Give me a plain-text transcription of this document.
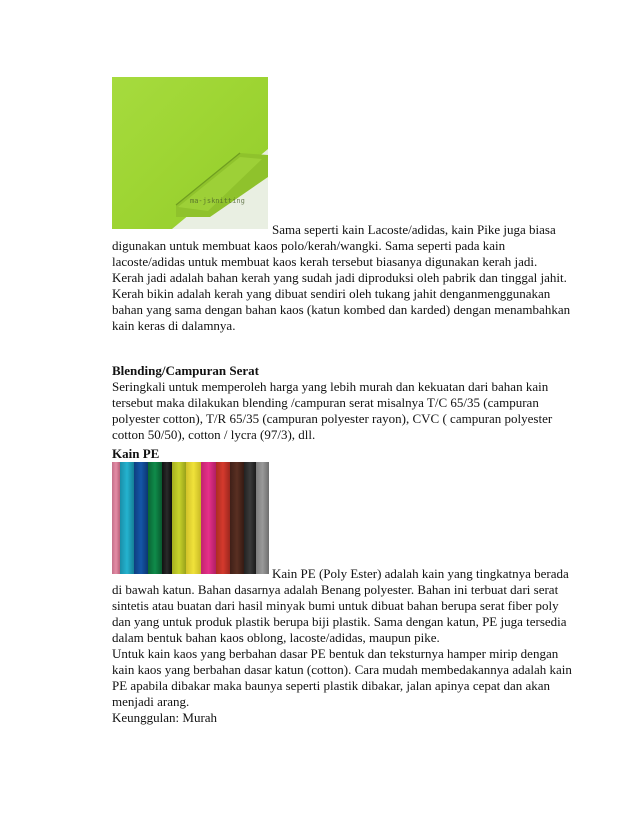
ma-jsknitting
Sama seperti kain Lacoste/adidas, kain Pike juga biasa
digunakan untuk membuat kaos polo/kerah/wangki. Sama seperti pada kain
lacoste/adidas untuk membuat kaos kerah tersebut biasanya digunakan kerah jadi.
Kerah jadi adalah bahan kerah yang sudah jadi diproduksi oleh pabrik dan tinggal jahit.
Kerah bikin adalah kerah yang dibuat sendiri oleh tukang jahit denganmenggunakan
bahan yang sama dengan bahan kaos (katun kombed dan karded) dengan menambahkan
kain keras di dalamnya.
Blending/Campuran Serat
Seringkali untuk memperoleh harga yang lebih murah dan kekuatan dari bahan kain
tersebut maka dilakukan blending /campuran serat misalnya T/C 65/35 (campuran
polyester cotton), T/R 65/35 (campuran polyester rayon), CVC ( campuran polyester
cotton 50/50), cotton / lycra (97/3), dll.
Kain PE
Kain PE (Poly Ester) adalah kain yang tingkatnya berada
di bawah katun. Bahan dasarnya adalah Benang polyester. Bahan ini terbuat dari serat
sintetis atau buatan dari hasil minyak bumi untuk dibuat bahan berupa serat fiber poly
dan yang untuk produk plastik berupa biji plastik. Sama dengan katun, PE juga tersedia
dalam bentuk bahan kaos oblong, lacoste/adidas, maupun pike.
Untuk kain kaos yang berbahan dasar PE bentuk dan teksturnya hamper mirip dengan
kain kaos yang berbahan dasar katun (cotton). Cara mudah membedakannya adalah kain
PE apabila dibakar maka baunya seperti plastik dibakar, jalan apinya cepat dan akan
menjadi arang.
Keunggulan: Murah
